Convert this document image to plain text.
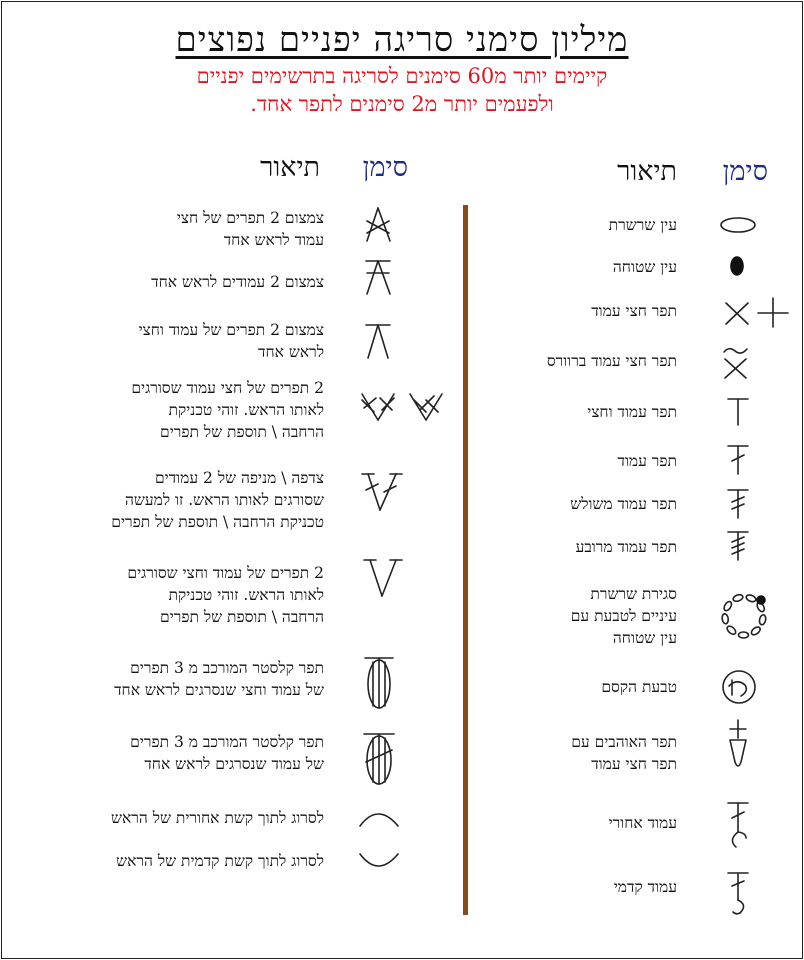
מיליון סימני סריגה יפניים נפוצים
קיימים יותר מ60 סימנים לסריגה בתרשימים יפניים
ולפעמים יותר מ2 סימנים לתפר אחד.
סימן
תיאור
סימן
תיאור
עין שרשרת
עין שטוחה
תפר חצי עמוד
תפר חצי עמוד ברוורס
תפר עמוד וחצי
תפר עמוד
תפר עמוד משולש
תפר עמוד מרובע
סגירת שרשרת
עיניים לטבעת עם
עין שטוחה
טבעת הקסם
תפר האוהבים עם
תפר חצי עמוד
עמוד אחורי
עמוד קדמי
צמצום 2 תפרים של חצי
עמוד לראש אחד
צמצום 2 עמודים לראש אחד
צמצום 2 תפרים של עמוד וחצי
לראש אחד
2 תפרים של חצי עמוד שסורגים
לאותו הראש. זוהי טכניקת
הרחבה \ תוספת של תפרים
צדפה \ מניפה של 2 עמודים
שסורגים לאותו הראש. זו למעשה
טכניקת הרחבה \ תוספת של תפרים
2 תפרים של עמוד וחצי שסורגים
לאותו הראש. זוהי טכניקת
הרחבה \ תוספת של תפרים
תפר קלסטר המורכב מ 3 תפרים
של עמוד וחצי שנסרגים לראש אחד
תפר קלסטר המורכב מ 3 תפרים
של עמוד שנסרגים לראש אחד
לסרוג לתוך קשת אחורית של הראש
לסרוג לתוך קשת קדמית של הראש
